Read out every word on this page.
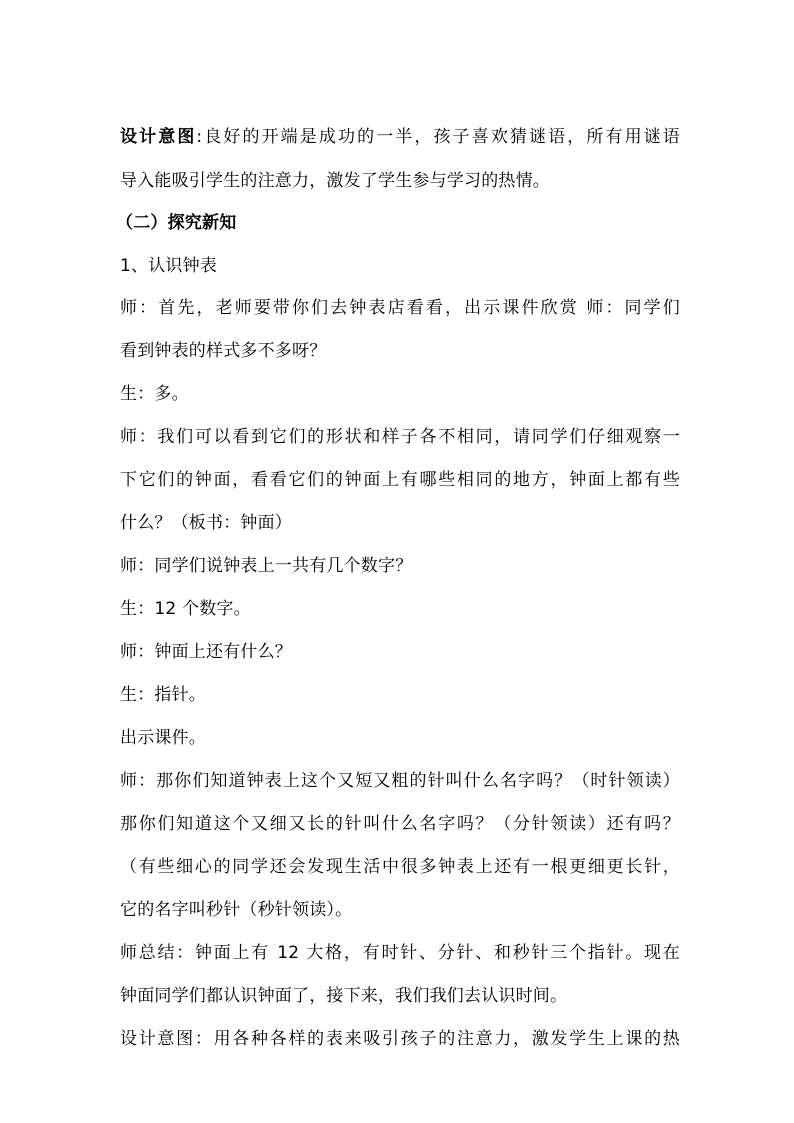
设计意图:良好的开端是成功的一半，孩子喜欢猜谜语，所有用谜语
导入能吸引学生的注意力，激发了学生参与学习的热情。
（二）探究新知
1、认识钟表
师：首先，老师要带你们去钟表店看看，出示课件欣赏 师：同学们
看到钟表的样式多不多呀？
生：多。
师：我们可以看到它们的形状和样子各不相同，请同学们仔细观察一
下它们的钟面，看看它们的钟面上有哪些相同的地方，钟面上都有些
什么？（板书：钟面）
师：同学们说钟表上一共有几个数字？
生：12 个数字。
师：钟面上还有什么？
生：指针。
出示课件。
师：那你们知道钟表上这个又短又粗的针叫什么名字吗？（时针领读）
那你们知道这个又细又长的针叫什么名字吗？（分针领读）还有吗？
（有些细心的同学还会发现生活中很多钟表上还有一根更细更长针，
它的名字叫秒针（秒针领读）。
师总结：钟面上有 12 大格，有时针、分针、和秒针三个指针。现在
钟面同学们都认识钟面了，接下来，我们我们去认识时间。
设计意图：用各种各样的表来吸引孩子的注意力，激发学生上课的热
